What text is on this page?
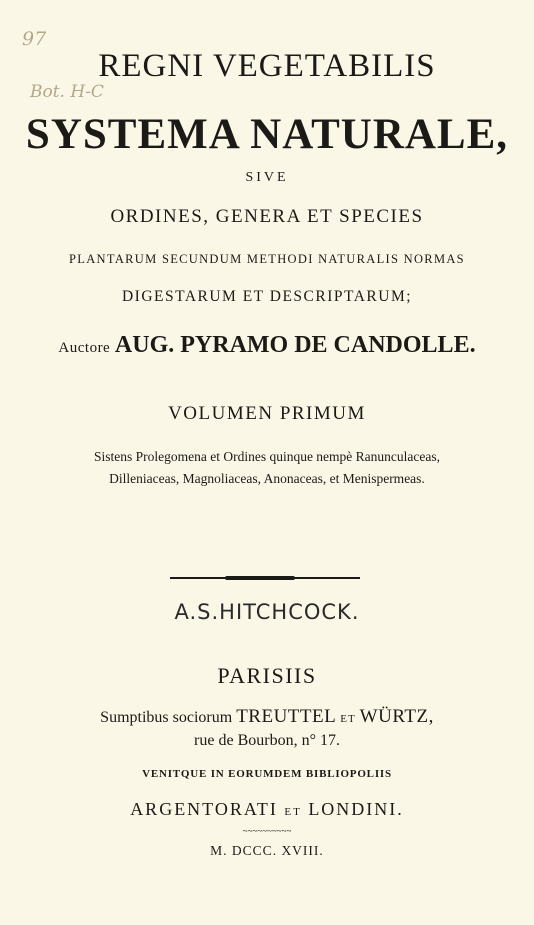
97
Bot. H-C
REGNI VEGETABILIS
SYSTEMA NATURALE,
SIVE
ORDINES, GENERA ET SPECIES
PLANTARUM SECUNDUM METHODI NATURALIS NORMAS
DIGESTARUM ET DESCRIPTARUM;
Auctore AUG. PYRAMO DE CANDOLLE.
VOLUMEN PRIMUM
Sistens Prolegomena et Ordines quinque nempè Ranunculaceas,
Dilleniaceas, Magnoliaceas, Anonaceas, et Menispermeas.
A.S.HITCHCOCK.
PARISIIS
Sumptibus sociorum TREUTTEL ET WÜRTZ,
rue de Bourbon, n° 17.
VENITQUE IN EORUMDEM BIBLIOPOLIIS
ARGENTORATI ET LONDINI.
~~~~~~~~~~
M. DCCC. XVIII.
